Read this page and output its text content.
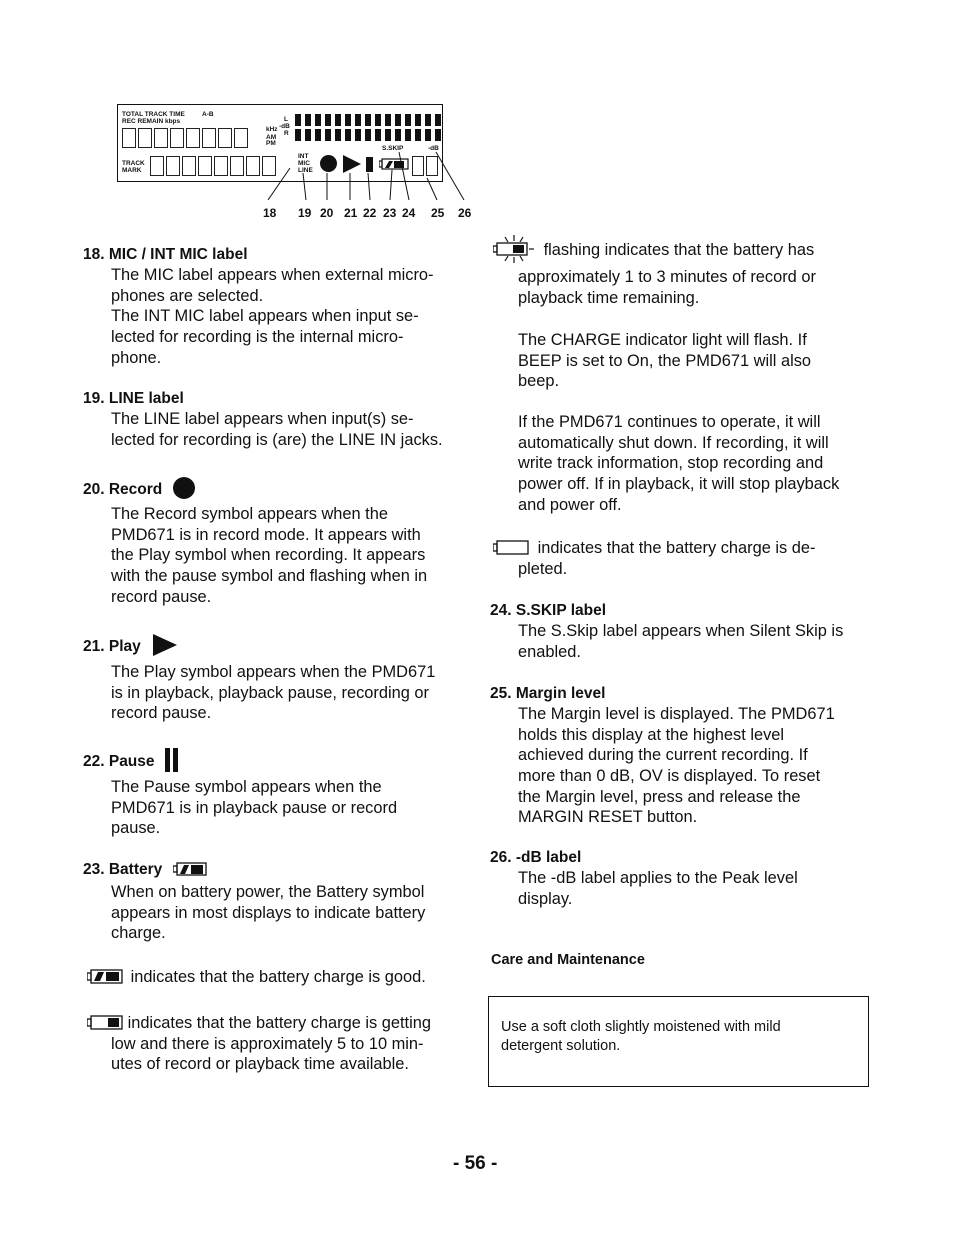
TOTAL TRACK TIME	A-B
REC REMAIN kbps
kHz
AM
PM
L
-dB
R
S.SKIP	-dB
TRACK
MARK
INT
MIC
LINE
18 19 20 21 22 23 24 25 26
18. MIC / INT MIC label
The MIC label appears when external micro-
phones are selected.
The INT MIC label appears when input se-
lected for recording is the internal micro-
phone.
19. LINE label
The LINE label appears when input(s) se-
lected for recording is (are) the LINE IN jacks.
20. Record
The Record symbol appears when the
PMD671 is in record mode. It appears with
the Play symbol when recording. It appears
with the pause symbol and flashing when in
record pause.
21. Play
The Play symbol appears when the PMD671
is in playback, playback pause, recording or
record pause.
22. Pause
The Pause symbol appears when the
PMD671 is in playback pause or record
pause.
23. Battery
When on battery power, the Battery symbol
appears in most displays to indicate battery
charge.
indicates that the battery charge is good.
indicates that the battery charge is getting
low and there is approximately 5 to 10 min-
utes of record or playback time available.
flashing indicates that the battery has
approximately 1 to 3 minutes of record or
playback time remaining.
The CHARGE indicator light will flash. If
BEEP is set to On, the PMD671 will also
beep.
If the PMD671 continues to operate, it will
automatically shut down. If recording, it will
write track information, stop recording and
power off. If in playback, it will stop playback
and power off.
indicates that the battery charge is de-
pleted.
24. S.SKIP label
The S.Skip label appears when Silent Skip is
enabled.
25. Margin level
The Margin level is displayed. The PMD671
holds this display at the highest level
achieved during the current recording. If
more than 0 dB, OV is displayed. To reset
the Margin level, press and release the
MARGIN RESET button.
26. -dB label
The -dB label applies to the Peak level
display.
Care and Maintenance
Use a soft cloth slightly moistened with mild
detergent solution.
- 56 -
